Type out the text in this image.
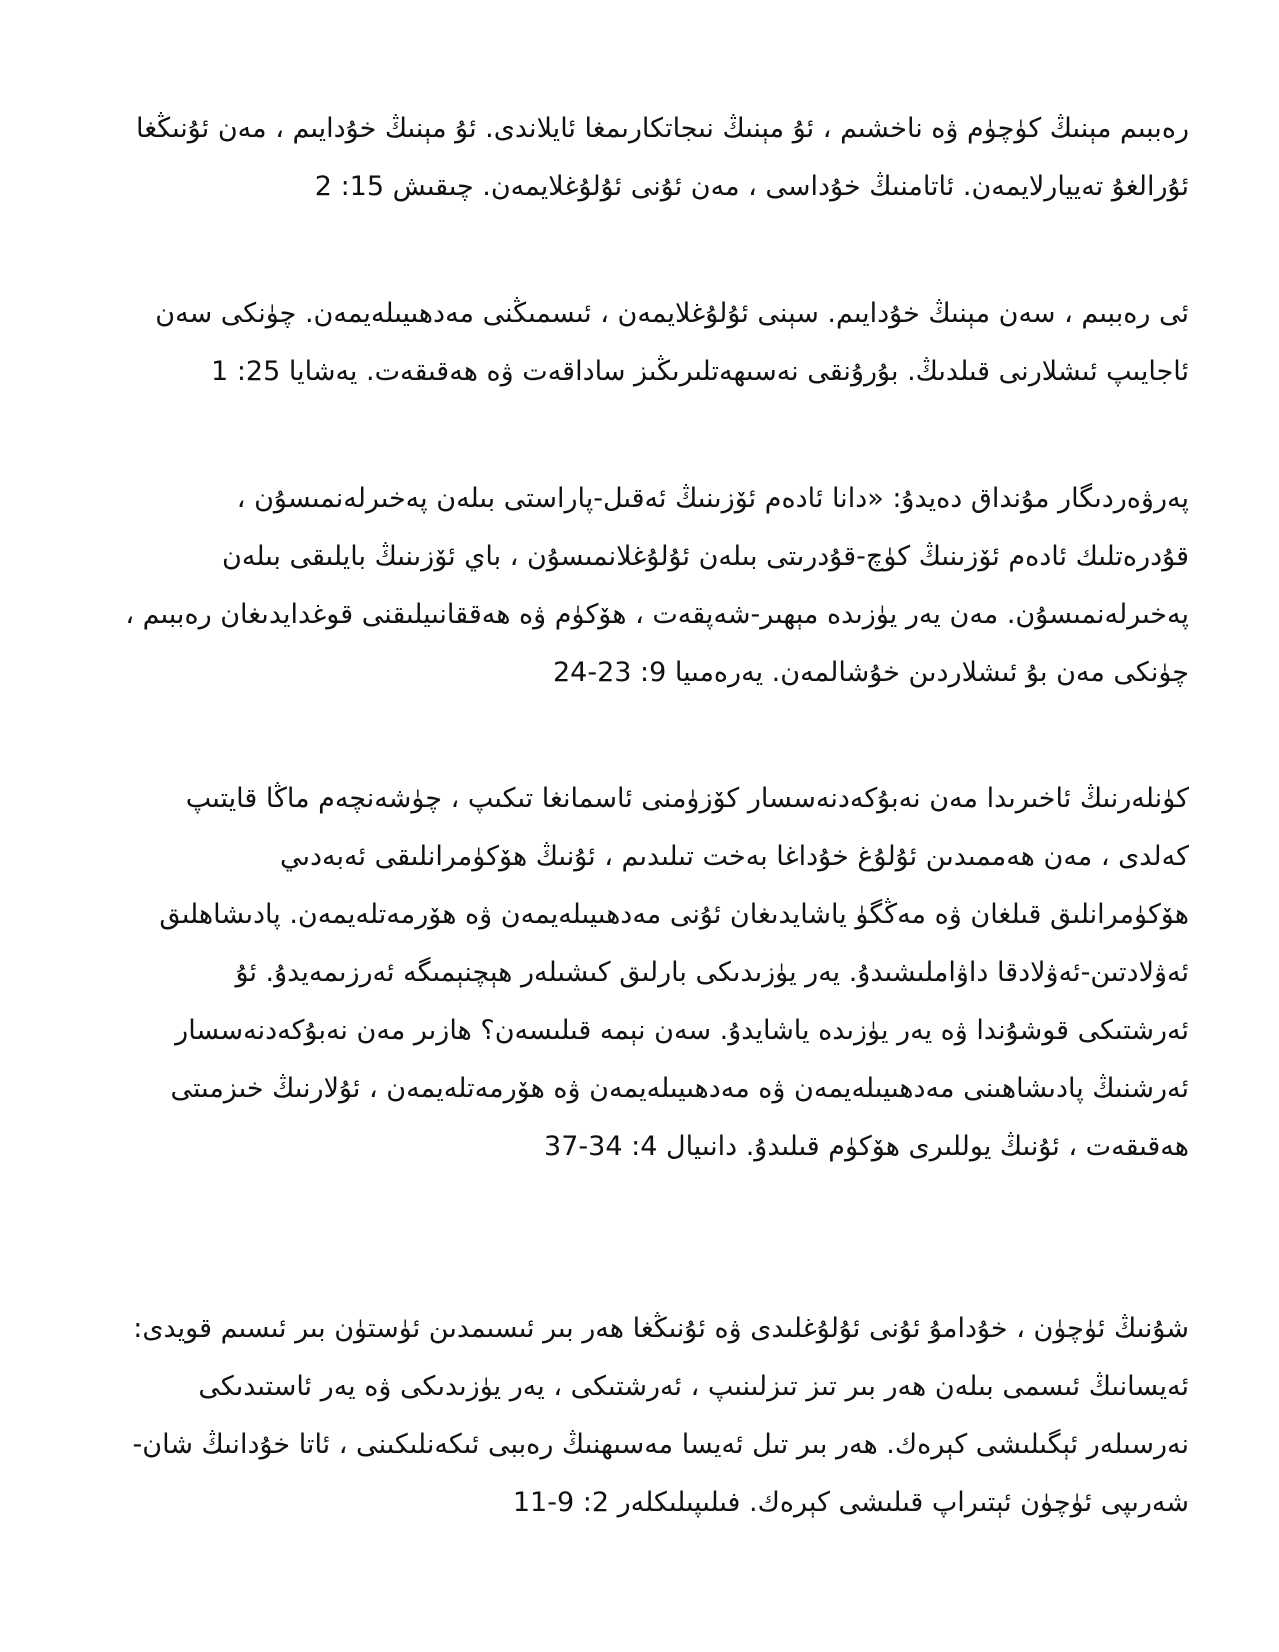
رەببىم مېنىڭ كۈچۈم ۋە ناخشىم ، ئۇ مېنىڭ نىجاتكارىمغا ئايلاندى. ئۇ مېنىڭ خۇدايىم ، مەن ئۇنىڭغا
ئۇرالغۇ تەييارلايمەن. ئاتامنىڭ خۇداسى ، مەن ئۇنى ئۇلۇغلايمەن. چىقىش 15: 2
ئى رەببىم ، سەن مېنىڭ خۇدايىم. سېنى ئۇلۇغلايمەن ، ئىسمىڭنى مەدھىيىلەيمەن. چۈنكى سەن
ئاجايىپ ئىشلارنى قىلدىڭ. بۇرۇنقى نەسىھەتلىرىڭىز ساداقەت ۋە ھەقىقەت. يەشايا 25: 1
پەرۋەردىگار مۇنداق دەيدۇ: «دانا ئادەم ئۆزىنىڭ ئەقىل-پاراستى بىلەن پەخىرلەنمىسۇن ،
قۇدرەتلىك ئادەم ئۆزىنىڭ كۈچ-قۇدرىتى بىلەن ئۇلۇغلانمىسۇن ، باي ئۆزىنىڭ بايلىقى بىلەن
پەخىرلەنمىسۇن. مەن يەر يۈزىدە مېھىر-شەپقەت ، ھۆكۈم ۋە ھەققانىيلىقنى قوغدايدىغان رەببىم ،
چۈنكى مەن بۇ ئىشلاردىن خۇشالمەن. يەرەمىيا 9: 23-24
كۈنلەرنىڭ ئاخىرىدا مەن نەبۇكەدنەسسار كۆزۈمنى ئاسمانغا تىكىپ ، چۈشەنچەم ماڭا قايتىپ
كەلدى ، مەن ھەممىدىن ئۇلۇغ خۇداغا بەخت تىلىدىم ، ئۇنىڭ ھۆكۈمرانلىقى ئەبەدىي
ھۆكۈمرانلىق قىلغان ۋە مەڭگۈ ياشايدىغان ئۇنى مەدھىيىلەيمەن ۋە ھۆرمەتلەيمەن. پادىشاھلىق
ئەۋلادتىن-ئەۋلادقا داۋاملىشىدۇ. يەر يۈزىدىكى بارلىق كىشىلەر ھېچنېمىگە ئەرزىمەيدۇ. ئۇ
ئەرشتىكى قوشۇندا ۋە يەر يۈزىدە ياشايدۇ. سەن نېمە قىلىسەن؟ ھازىر مەن نەبۇكەدنەسسار
ئەرشنىڭ پادىشاھىنى مەدھىيىلەيمەن ۋە مەدھىيىلەيمەن ۋە ھۆرمەتلەيمەن ، ئۇلارنىڭ خىزمىتى
ھەقىقەت ، ئۇنىڭ يوللىرى ھۆكۈم قىلىدۇ. دانىيال 4: 34-37
شۇنىڭ ئۈچۈن ، خۇدامۇ ئۇنى ئۇلۇغلىدى ۋە ئۇنىڭغا ھەر بىر ئىسىمدىن ئۈستۈن بىر ئىسىم قويدى:
ئەيسانىڭ ئىسمى بىلەن ھەر بىر تىز تىزلىنىپ ، ئەرشتىكى ، يەر يۈزىدىكى ۋە يەر ئاستىدىكى
نەرسىلەر ئېگىلىشى كېرەك. ھەر بىر تىل ئەيسا مەسىھنىڭ رەببى ئىكەنلىكىنى ، ئاتا خۇدانىڭ شان-
شەرىپى ئۈچۈن ئېتىراپ قىلىشى كېرەك. فىلىپىلىكلەر 2: 9-11
